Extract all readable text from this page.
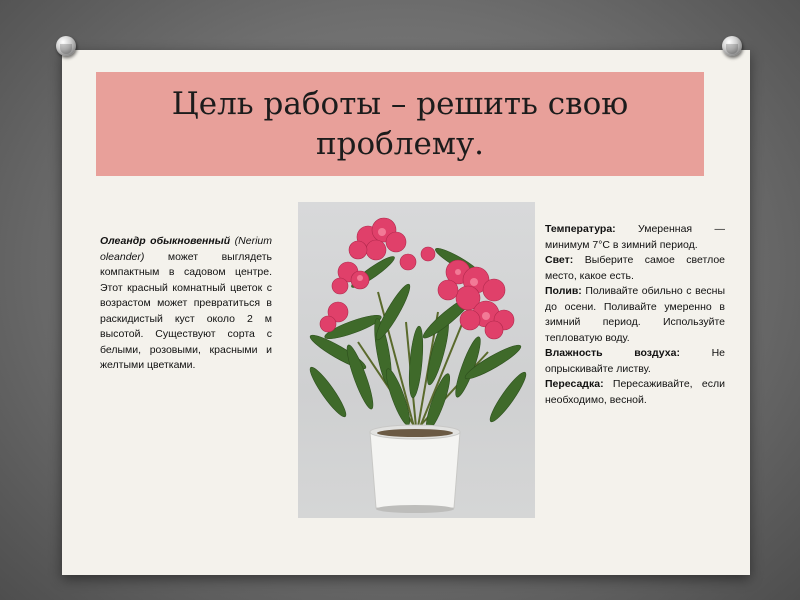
Цель работы – решить свою проблему.
Олеандр обыкновенный (Nerium oleander) может выглядеть компактным в садовом центре. Этот красный комнатный цветок с возрастом может превратиться в раскидистый куст около 2 м высотой. Существуют сорта с белыми, розовыми, красными и желтыми цветками.

Температура: Умеренная — минимум 7°С в зимний период.

Свет: Выберите самое светлое место, какое есть.

Полив: Поливайте обильно с весны до осени. Поливайте умеренно в зимний период. Используйте тепловатую воду.

Влажность воздуха:	Не опрыскивайте листву.

Пересадка: Пересаживайте, если необходимо, весной.
